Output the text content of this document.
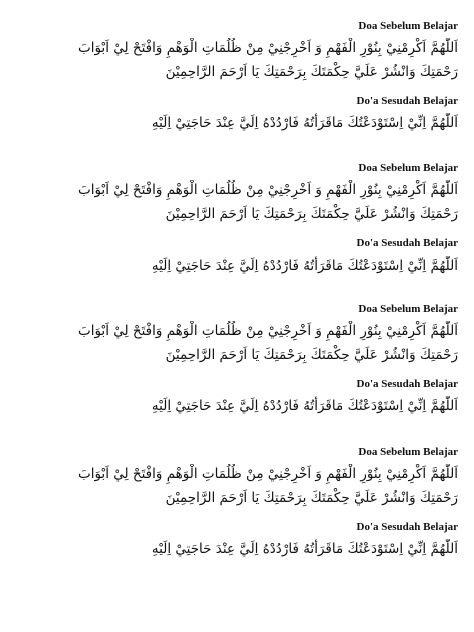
Doa Sebelum Belajar
اَللّٰهُمَّ اَكْرِمْنِيْ بِنُوْرِ الْفَهْمِ وَ اَخْرِجْنِيْ مِنْ ظُلُمَاتِ الْوَهْمِ وَافْتَحْ لِيْ اَبْوَابَ
رَحْمَتِكَ وَانْشُرْ عَلَيَّ حِكْمَتَكَ بِرَحْمَتِكَ يَا اَرْحَمَ الرَّاحِمِيْنَ
Do'a Sesudah Belajar
اَللّٰهُمَّ اِنِّيْ اِسْتَوْدَعْتُكَ مَاقَرَأْتُهُ فَارْدُدْهُ اِلَيَّ عِنْدَ حَاجَتِيْ اِلَيْهِ
Doa Sebelum Belajar
اَللّٰهُمَّ اَكْرِمْنِيْ بِنُوْرِ الْفَهْمِ وَ اَخْرِجْنِيْ مِنْ ظُلُمَاتِ الْوَهْمِ وَافْتَحْ لِيْ اَبْوَابَ
رَحْمَتِكَ وَانْشُرْ عَلَيَّ حِكْمَتَكَ بِرَحْمَتِكَ يَا اَرْحَمَ الرَّاحِمِيْنَ
Do'a Sesudah Belajar
اَللّٰهُمَّ اِنِّيْ اِسْتَوْدَعْتُكَ مَاقَرَأْتُهُ فَارْدُدْهُ اِلَيَّ عِنْدَ حَاجَتِيْ اِلَيْهِ
Doa Sebelum Belajar
اَللّٰهُمَّ اَكْرِمْنِيْ بِنُوْرِ الْفَهْمِ وَ اَخْرِجْنِيْ مِنْ ظُلُمَاتِ الْوَهْمِ وَافْتَحْ لِيْ اَبْوَابَ
رَحْمَتِكَ وَانْشُرْ عَلَيَّ حِكْمَتَكَ بِرَحْمَتِكَ يَا اَرْحَمَ الرَّاحِمِيْنَ
Do'a Sesudah Belajar
اَللّٰهُمَّ اِنِّيْ اِسْتَوْدَعْتُكَ مَاقَرَأْتُهُ فَارْدُدْهُ اِلَيَّ عِنْدَ حَاجَتِيْ اِلَيْهِ
Doa Sebelum Belajar
اَللّٰهُمَّ اَكْرِمْنِيْ بِنُوْرِ الْفَهْمِ وَ اَخْرِجْنِيْ مِنْ ظُلُمَاتِ الْوَهْمِ وَافْتَحْ لِيْ اَبْوَابَ
رَحْمَتِكَ وَانْشُرْ عَلَيَّ حِكْمَتَكَ بِرَحْمَتِكَ يَا اَرْحَمَ الرَّاحِمِيْنَ
Do'a Sesudah Belajar
اَللّٰهُمَّ اِنِّيْ اِسْتَوْدَعْتُكَ مَاقَرَأْتُهُ فَارْدُدْهُ اِلَيَّ عِنْدَ حَاجَتِيْ اِلَيْهِ
